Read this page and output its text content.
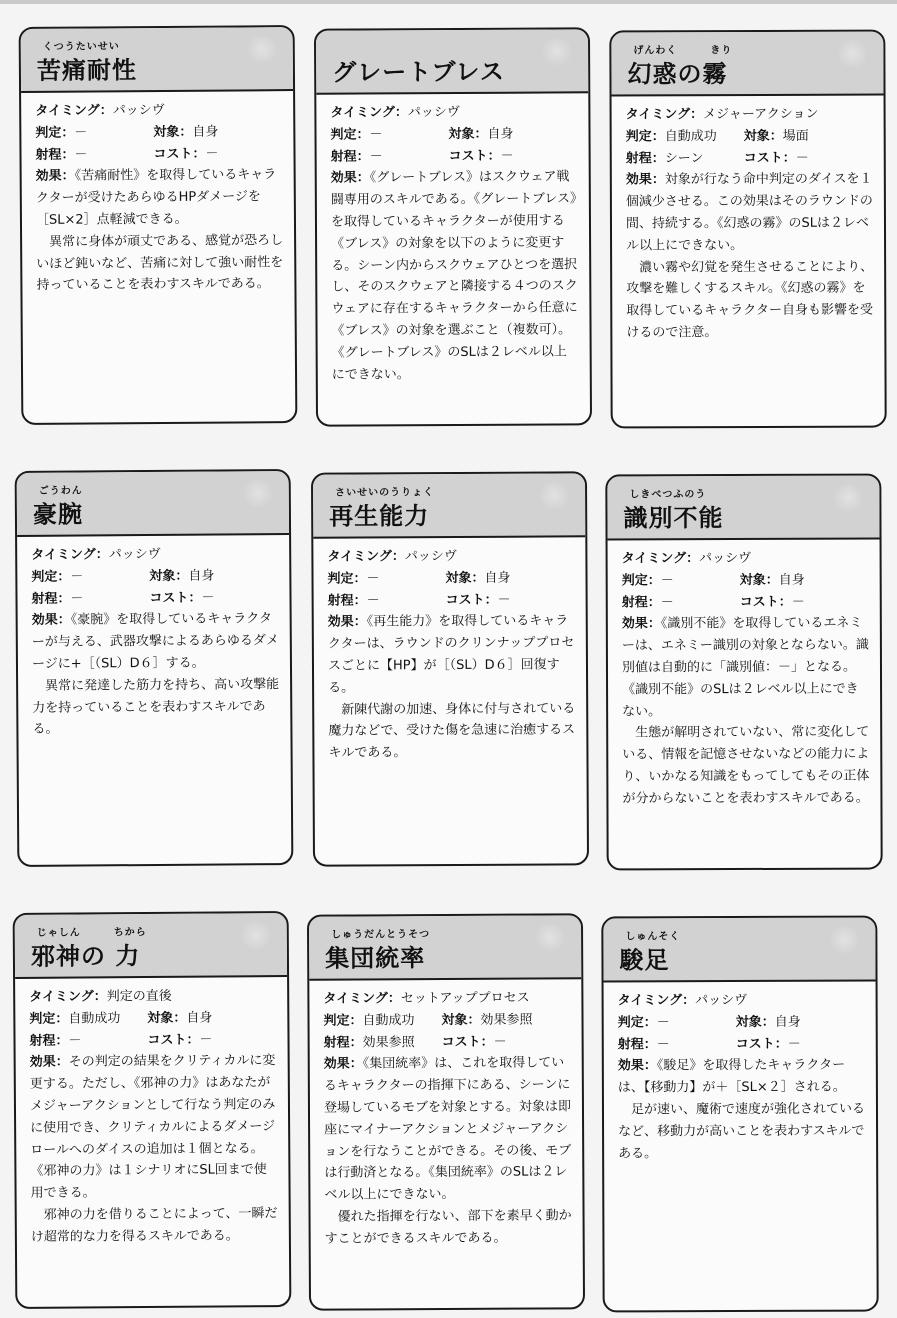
くつうたいせい
苦痛耐性
タイミング：パッシヴ
判定：－	対象：自身
射程：－	コスト：－
効果：《苦痛耐性》を取得しているキャラクターが受けたあらゆるHPダメージを［SL×2］点軽減できる。
異常に身体が頑丈である、感覚が恐ろしいほど鈍いなど、苦痛に対して強い耐性を持っていることを表わすスキルである。
グレートブレス
タイミング：パッシヴ
判定：－	対象：自身
射程：－	コスト：－
効果：《グレートブレス》はスクウェア戦闘専用のスキルである。《グレートブレス》を取得しているキャラクターが使用する《ブレス》の対象を以下のように変更する。シーン内からスクウェアひとつを選択し、そのスクウェアと隣接する４つのスクウェアに存在するキャラクターから任意に《ブレス》の対象を選ぶこと（複数可）。《グレートブレス》のSLは２レベル以上にできない。
げんわく　　　きり
幻惑の霧
タイミング：メジャーアクション
判定：自動成功 対象：場面
射程：シーン	コスト：－
効果：対象が行なう命中判定のダイスを１個減少させる。この効果はそのラウンドの間、持続する。《幻惑の霧》のSLは２レベル以上にできない。
濃い霧や幻覚を発生させることにより、攻撃を難しくするスキル。《幻惑の霧》を取得しているキャラクター自身も影響を受けるので注意。
ごうわん
豪腕
タイミング：パッシヴ
判定：－	対象：自身
射程：－	コスト：－
効果：《豪腕》を取得しているキャラクターが与える、武器攻撃によるあらゆるダメージに+［（SL）D６］する。
異常に発達した筋力を持ち、高い攻撃能力を持っていることを表わすスキルである。
さいせいのうりょく
再生能力
タイミング：パッシヴ
判定：－	対象：自身
射程：－	コスト：－
効果：《再生能力》を取得しているキャラクターは、ラウンドのクリンナッププロセスごとに【HP】が［（SL）D６］回復する。
新陳代謝の加速、身体に付与されている魔力などで、受けた傷を急速に治癒するスキルである。
しきべつふのう
識別不能
タイミング：パッシヴ
判定：－	対象：自身
射程：－	コスト：－
効果：《識別不能》を取得しているエネミーは、エネミー識別の対象とならない。識別値は自動的に「識別値：－」となる。《識別不能》のSLは２レベル以上にできない。
生態が解明されていない、常に変化している、情報を記憶させないなどの能力により、いかなる知識をもってしてもその正体が分からないことを表わすスキルである。
じゃしん　　　ちから
邪神の 力
タイミング：判定の直後
判定：自動成功 対象：自身
射程：－	コスト：－
効果：その判定の結果をクリティカルに変更する。ただし、《邪神の力》はあなたがメジャーアクションとして行なう判定のみに使用でき、クリティカルによるダメージロールへのダイスの追加は１個となる。《邪神の力》は１シナリオにSL回まで使用できる。
邪神の力を借りることによって、一瞬だけ超常的な力を得るスキルである。
しゅうだんとうそつ
集団統率
タイミング：セットアッププロセス
判定：自動成功 対象：効果参照
射程：効果参照 コスト：－
効果：《集団統率》は、これを取得しているキャラクターの指揮下にある、シーンに登場しているモブを対象とする。対象は即座にマイナーアクションとメジャーアクションを行なうことができる。その後、モブは行動済となる。《集団統率》のSLは２レベル以上にできない。
優れた指揮を行ない、部下を素早く動かすことができるスキルである。
しゅんそく
駿足
タイミング：パッシヴ
判定：－	対象：自身
射程：－	コスト：－
効果：《駿足》を取得したキャラクターは、【移動力】が＋［SL×２］される。
足が速い、魔術で速度が強化されているなど、移動力が高いことを表わすスキルである。
